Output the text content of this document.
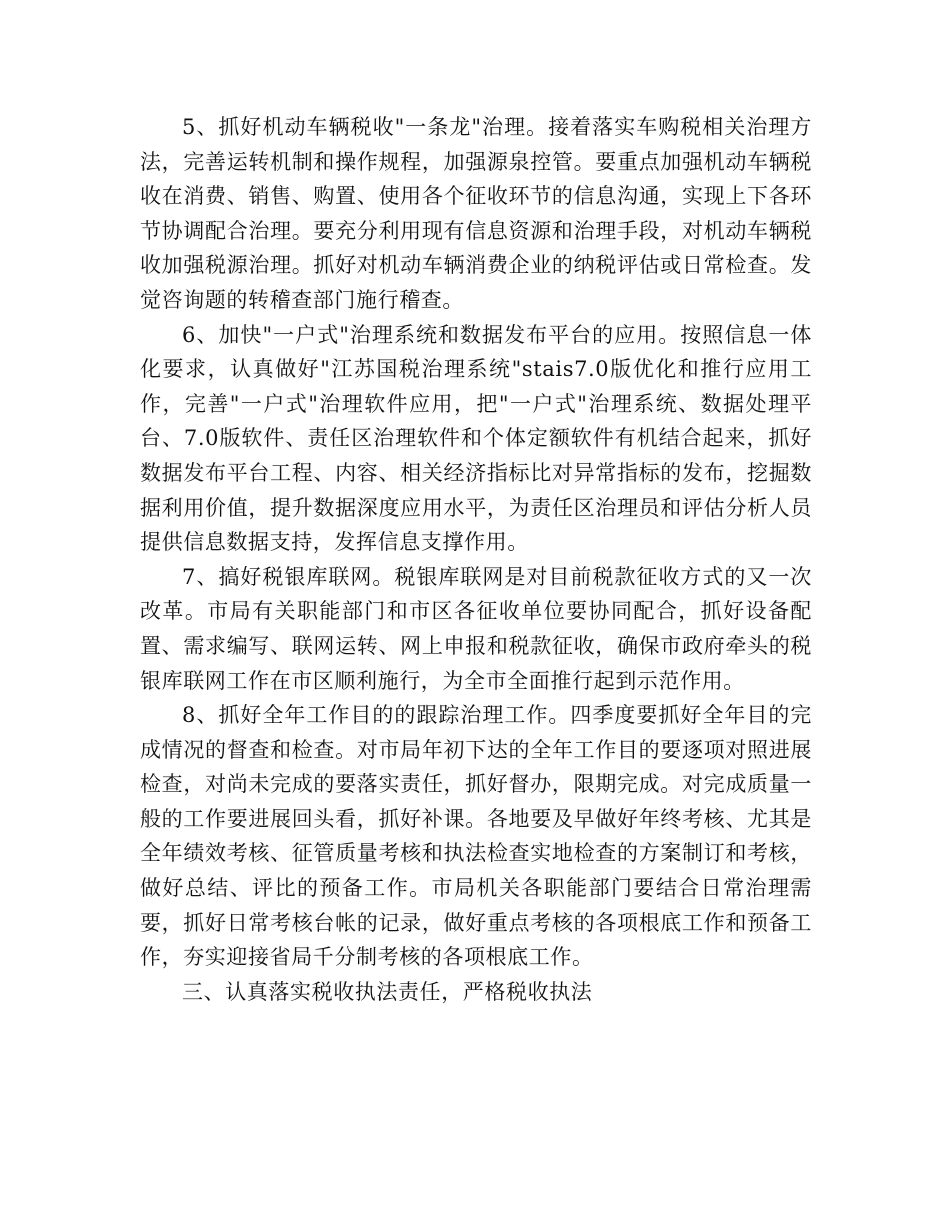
5、抓好机动车辆税收"一条龙"治理。接着落实车购税相关治理方法，完善运转机制和操作规程，加强源泉控管。要重点加强机动车辆税收在消费、销售、购置、使用各个征收环节的信息沟通，实现上下各环节协调配合治理。要充分利用现有信息资源和治理手段，对机动车辆税收加强税源治理。抓好对机动车辆消费企业的纳税评估或日常检查。发觉咨询题的转稽查部门施行稽查。

6、加快"一户式"治理系统和数据发布平台的应用。按照信息一体化要求，认真做好"江苏国税治理系统"stais7.0版优化和推行应用工作，完善"一户式"治理软件应用，把"一户式"治理系统、数据处理平台、7.0版软件、责任区治理软件和个体定额软件有机结合起来，抓好数据发布平台工程、内容、相关经济指标比对异常指标的发布，挖掘数据利用价值，提升数据深度应用水平，为责任区治理员和评估分析人员提供信息数据支持，发挥信息支撑作用。

7、搞好税银库联网。税银库联网是对目前税款征收方式的又一次改革。市局有关职能部门和市区各征收单位要协同配合，抓好设备配置、需求编写、联网运转、网上申报和税款征收，确保市政府牵头的税银库联网工作在市区顺利施行，为全市全面推行起到示范作用。

8、抓好全年工作目的的跟踪治理工作。四季度要抓好全年目的完成情况的督查和检查。对市局年初下达的全年工作目的要逐项对照进展检查，对尚未完成的要落实责任，抓好督办，限期完成。对完成质量一般的工作要进展回头看，抓好补课。各地要及早做好年终考核、尤其是全年绩效考核、征管质量考核和执法检查实地检查的方案制订和考核，做好总结、评比的预备工作。市局机关各职能部门要结合日常治理需要，抓好日常考核台帐的记录，做好重点考核的各项根底工作和预备工作，夯实迎接省局千分制考核的各项根底工作。

三、认真落实税收执法责任，严格税收执法
